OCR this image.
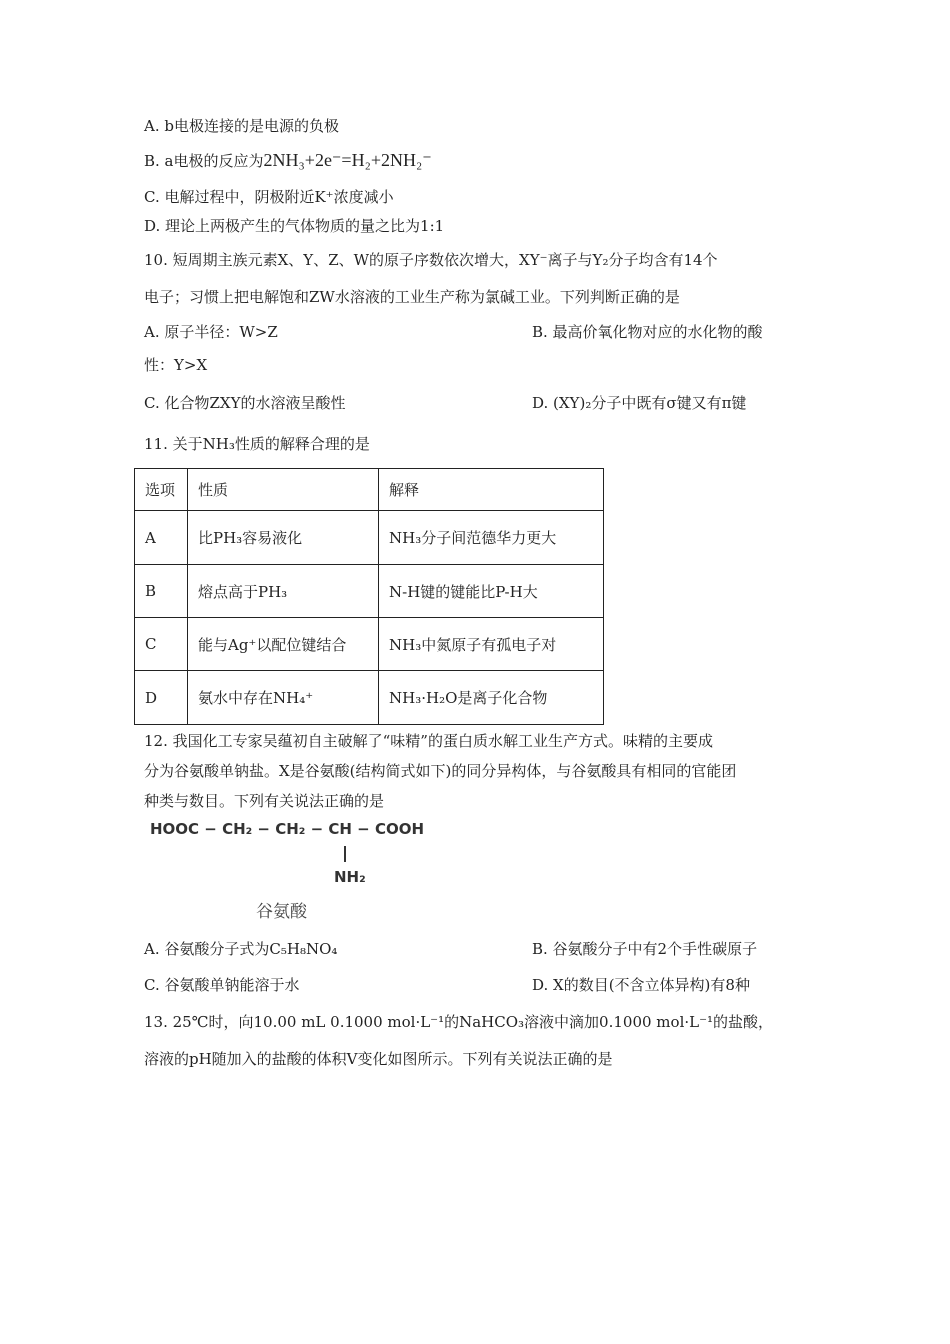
A. b电极连接的是电源的负极
B. a电极的反应为2NH₃+2e⁻=H₂+2NH₂⁻
C. 电解过程中，阴极附近K⁺浓度减小
D. 理论上两极产生的气体物质的量之比为1:1
10. 短周期主族元素X、Y、Z、W的原子序数依次增大，XY⁻离子与Y₂分子均含有14个
电子；习惯上把电解饱和ZW水溶液的工业生产称为氯碱工业。下列判断正确的是
A. 原子半径：W>Z	B. 最高价氧化物对应的水化物的酸
性：Y>X
C. 化合物ZXY的水溶液呈酸性	D. (XY)₂分子中既有σ键又有π键
11. 关于NH₃性质的解释合理的是
选项	性质	解释
A	比PH₃容易液化	NH₃分子间范德华力更大
B	熔点高于PH₃	N-H键的键能比P-H大
C	能与Ag⁺以配位键结合	NH₃中氮原子有孤电子对
D	氨水中存在NH₄⁺	NH₃·H₂O是离子化合物
12. 我国化工专家吴蕴初自主破解了“味精”的蛋白质水解工业生产方式。味精的主要成
分为谷氨酸单钠盐。X是谷氨酸(结构简式如下)的同分异构体，与谷氨酸具有相同的官能团
种类与数目。下列有关说法正确的是
HOOC − CH₂ − CH₂ − CH − COOH
NH₂
谷氨酸
A. 谷氨酸分子式为C₅H₈NO₄	B. 谷氨酸分子中有2个手性碳原子
C. 谷氨酸单钠能溶于水	D. X的数目(不含立体异构)有8种
13. 25℃时，向10.00 mL 0.1000 mol·L⁻¹的NaHCO₃溶液中滴加0.1000 mol·L⁻¹的盐酸，
溶液的pH随加入的盐酸的体积V变化如图所示。下列有关说法正确的是
